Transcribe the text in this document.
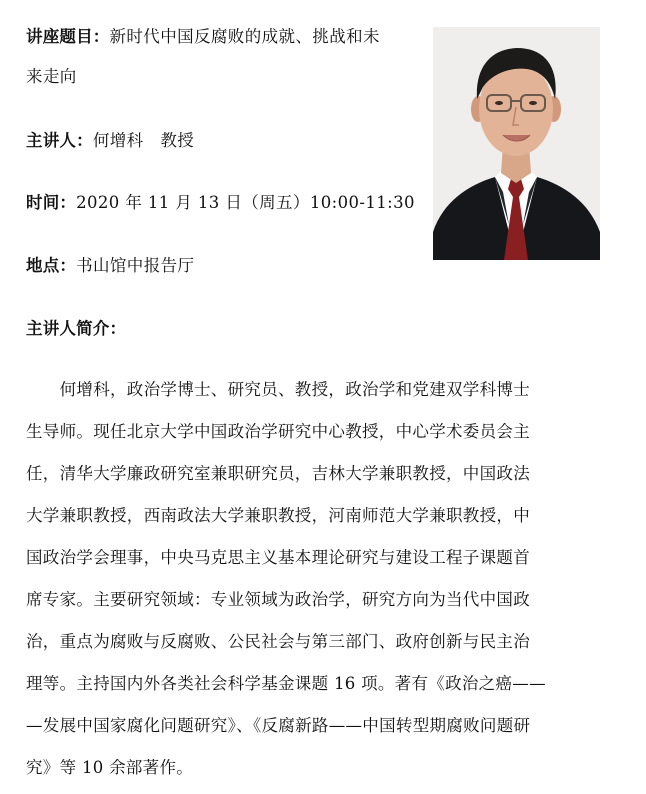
讲座题目：新时代中国反腐败的成就、挑战和未
来走向
主讲人：何增科　教授
时间：2020 年 11 月 13 日（周五）10:00-11:30
地点：书山馆中报告厅
主讲人简介：
　　何增科，政治学博士、研究员、教授，政治学和党建双学科博士
生导师。现任北京大学中国政治学研究中心教授，中心学术委员会主
任，清华大学廉政研究室兼职研究员，吉林大学兼职教授，中国政法
大学兼职教授，西南政法大学兼职教授，河南师范大学兼职教授，中
国政治学会理事，中央马克思主义基本理论研究与建设工程子课题首
席专家。主要研究领域：专业领域为政治学，研究方向为当代中国政
治，重点为腐败与反腐败、公民社会与第三部门、政府创新与民主治
理等。主持国内外各类社会科学基金课题 16 项。著有《政治之癌——
—发展中国家腐化问题研究》、《反腐新路——中国转型期腐败问题研
究》等 10 余部著作。
